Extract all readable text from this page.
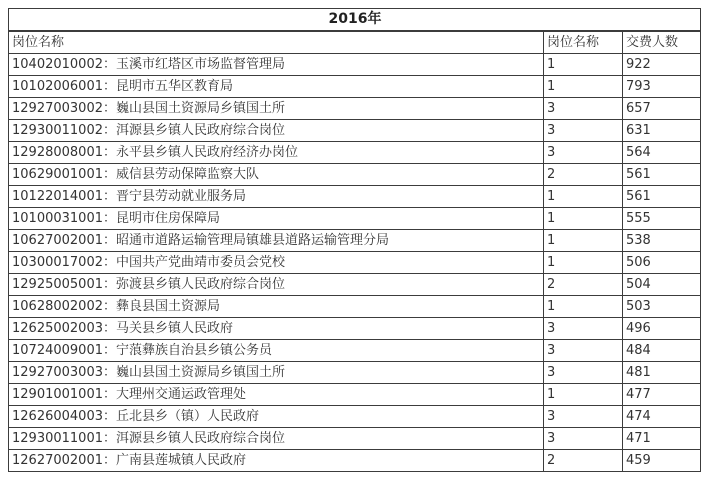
2016年		
岗位名称	岗位名称	交费人数
10402010002：玉溪市红塔区市场监督管理局	1	922
10102006001：昆明市五华区教育局	1	793
12927003002：巍山县国土资源局乡镇国土所	3	657
12930011002：洱源县乡镇人民政府综合岗位	3	631
12928008001：永平县乡镇人民政府经济办岗位	3	564
10629001001：威信县劳动保障监察大队	2	561
10122014001：晋宁县劳动就业服务局	1	561
10100031001：昆明市住房保障局	1	555
10627002001：昭通市道路运输管理局镇雄县道路运输管理分局	1	538
10300017002：中国共产党曲靖市委员会党校	1	506
12925005001：弥渡县乡镇人民政府综合岗位	2	504
10628002002：彝良县国土资源局	1	503
12625002003：马关县乡镇人民政府	3	496
10724009001：宁蒗彝族自治县乡镇公务员	3	484
12927003003：巍山县国土资源局乡镇国土所	3	481
12901001001：大理州交通运政管理处	1	477
12626004003：丘北县乡（镇）人民政府	3	474
12930011001：洱源县乡镇人民政府综合岗位	3	471
12627002001：广南县莲城镇人民政府	2	459
